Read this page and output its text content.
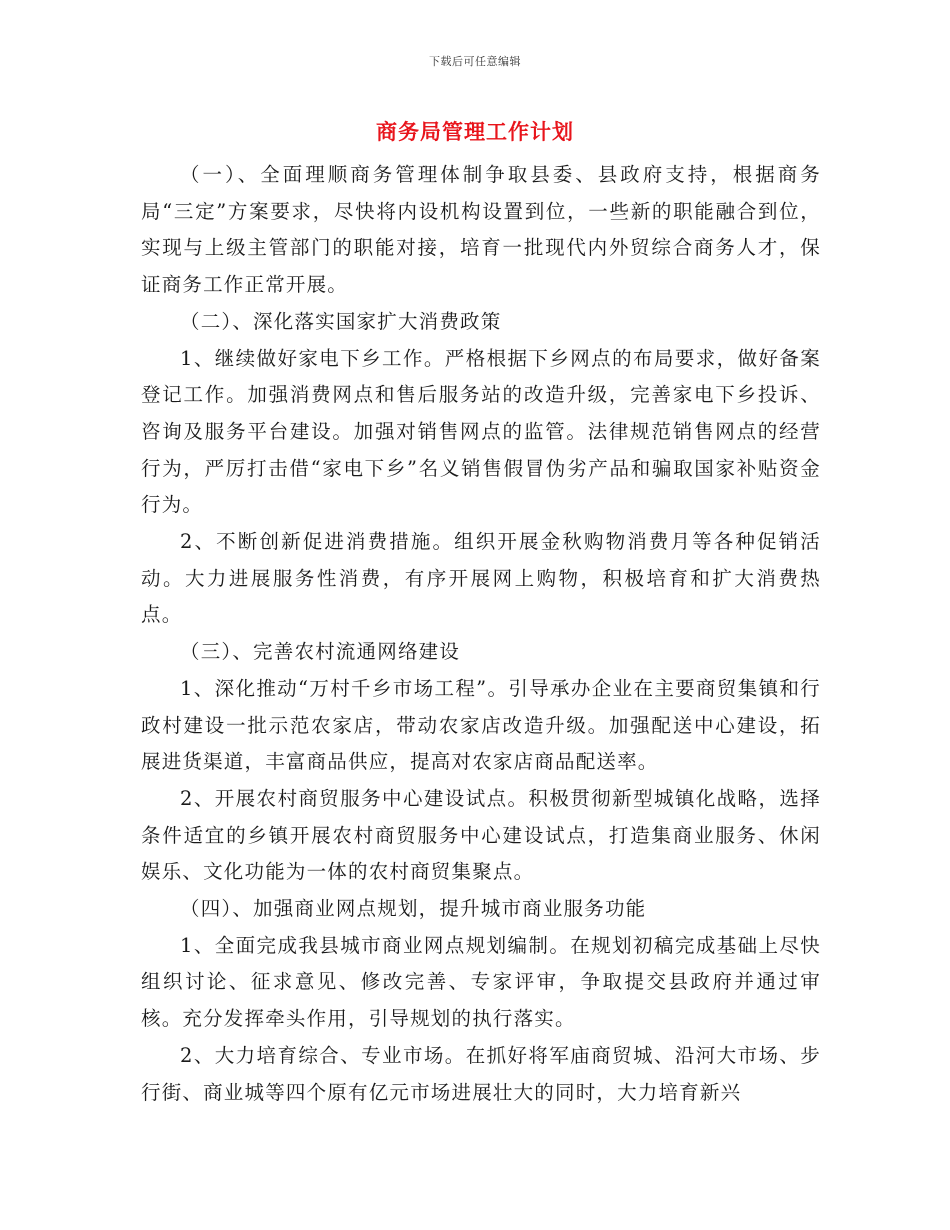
下载后可任意编辑
商务局管理工作计划

（一）、全面理顺商务管理体制争取县委、县政府支持，根据商务局“三定”方案要求，尽快将内设机构设置到位，一些新的职能融合到位，实现与上级主管部门的职能对接，培育一批现代内外贸综合商务人才，保证商务工作正常开展。

（二）、深化落实国家扩大消费政策

1、继续做好家电下乡工作。严格根据下乡网点的布局要求，做好备案登记工作。加强消费网点和售后服务站的改造升级，完善家电下乡投诉、咨询及服务平台建设。加强对销售网点的监管。法律规范销售网点的经营行为，严厉打击借“家电下乡”名义销售假冒伪劣产品和骗取国家补贴资金行为。

2、不断创新促进消费措施。组织开展金秋购物消费月等各种促销活动。大力进展服务性消费，有序开展网上购物，积极培育和扩大消费热点。

（三）、完善农村流通网络建设

1、深化推动“万村千乡市场工程”。引导承办企业在主要商贸集镇和行政村建设一批示范农家店，带动农家店改造升级。加强配送中心建设，拓展进货渠道，丰富商品供应，提高对农家店商品配送率。

2、开展农村商贸服务中心建设试点。积极贯彻新型城镇化战略，选择条件适宜的乡镇开展农村商贸服务中心建设试点，打造集商业服务、休闲娱乐、文化功能为一体的农村商贸集聚点。

（四）、加强商业网点规划，提升城市商业服务功能

1、全面完成我县城市商业网点规划编制。在规划初稿完成基础上尽快组织讨论、征求意见、修改完善、专家评审，争取提交县政府并通过审核。充分发挥牵头作用，引导规划的执行落实。

2、大力培育综合、专业市场。在抓好将军庙商贸城、沿河大市场、步行街、商业城等四个原有亿元市场进展壮大的同时，大力培育新兴
